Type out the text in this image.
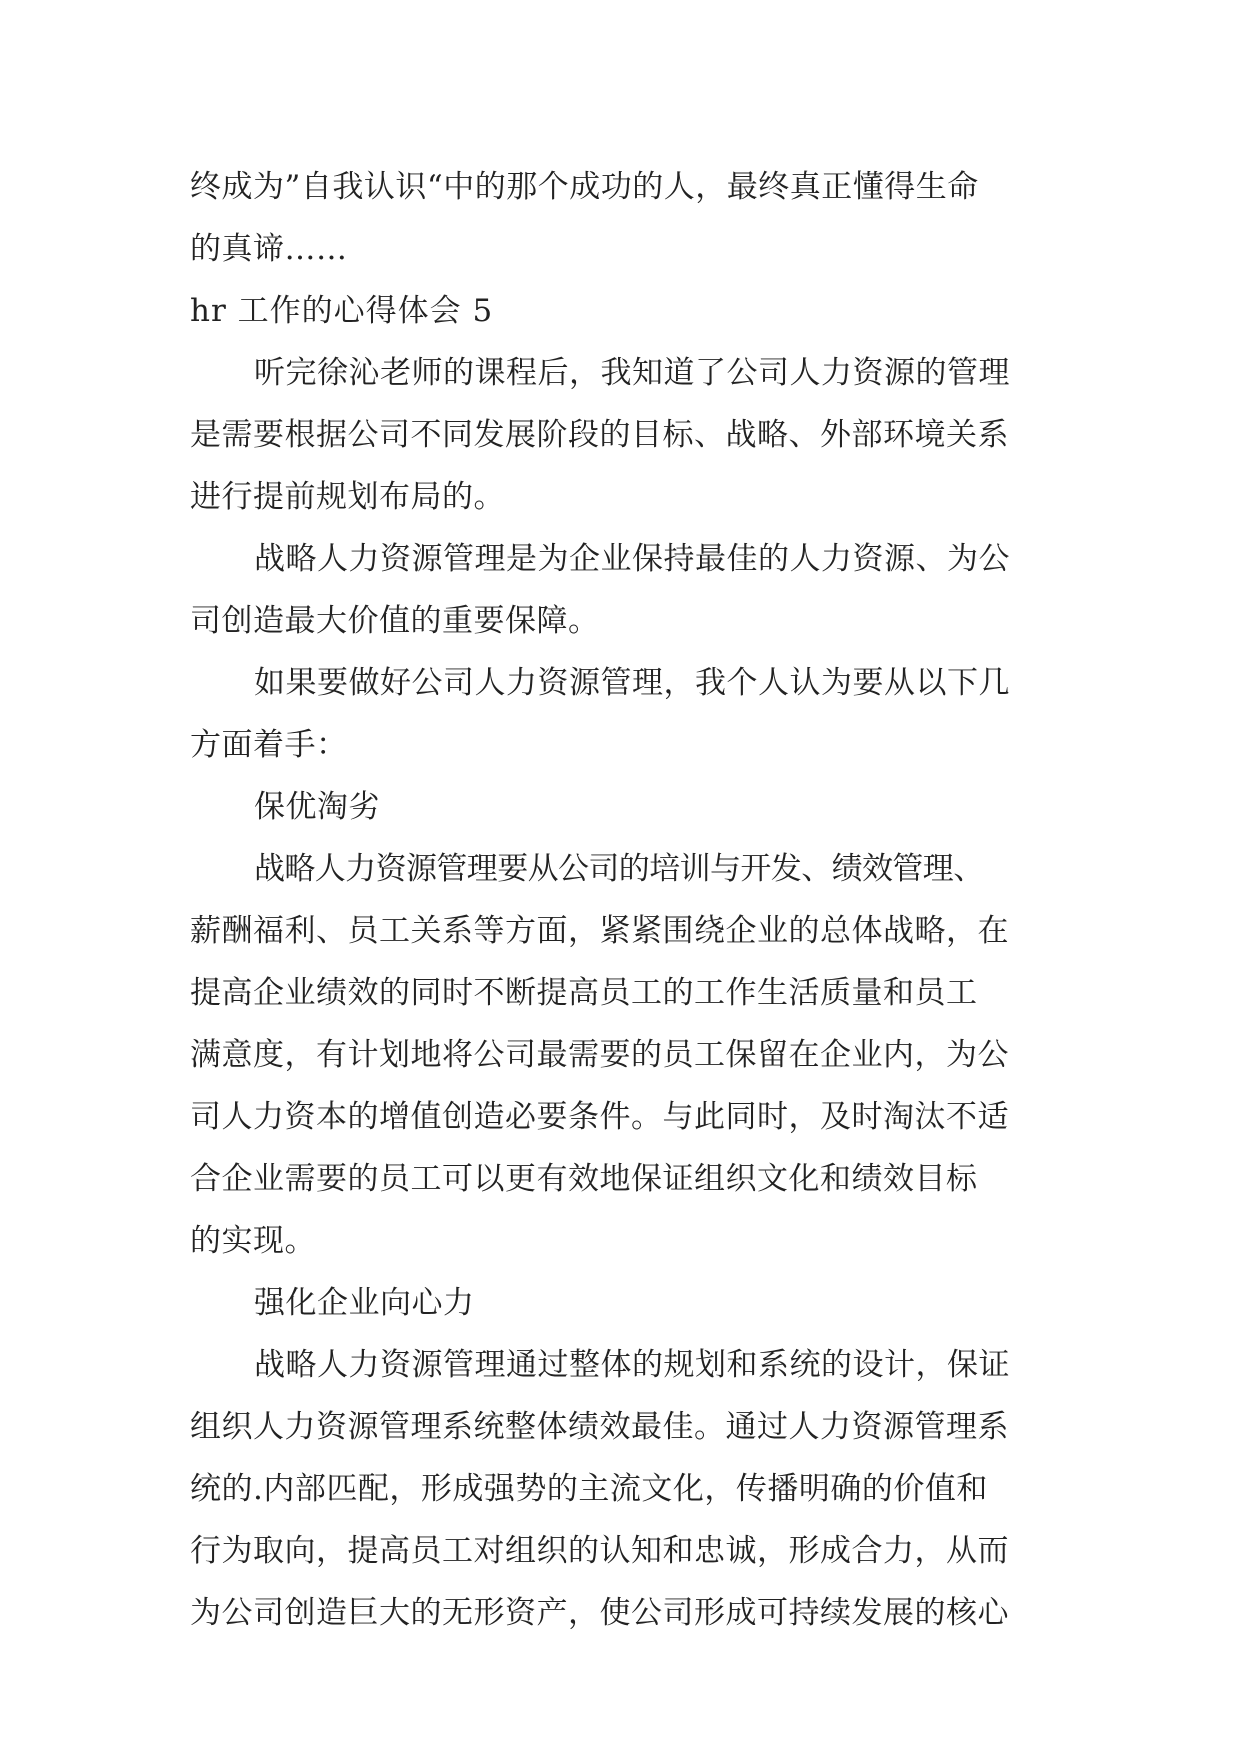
终成为”自我认识“中的那个成功的人，最终真正懂得生命
的真谛……
hr 工作的心得体会 5
听完徐沁老师的课程后，我知道了公司人力资源的管理
是需要根据公司不同发展阶段的目标、战略、外部环境关系
进行提前规划布局的。
战略人力资源管理是为企业保持最佳的人力资源、为公
司创造最大价值的重要保障。
如果要做好公司人力资源管理，我个人认为要从以下几
方面着手：
保优淘劣
战略人力资源管理要从公司的培训与开发、绩效管理、
薪酬福利、员工关系等方面，紧紧围绕企业的总体战略，在
提高企业绩效的同时不断提高员工的工作生活质量和员工
满意度，有计划地将公司最需要的员工保留在企业内，为公
司人力资本的增值创造必要条件。与此同时，及时淘汰不适
合企业需要的员工可以更有效地保证组织文化和绩效目标
的实现。
强化企业向心力
战略人力资源管理通过整体的规划和系统的设计，保证
组织人力资源管理系统整体绩效最佳。通过人力资源管理系
统的.内部匹配，形成强势的主流文化，传播明确的价值和
行为取向，提高员工对组织的认知和忠诚，形成合力，从而
为公司创造巨大的无形资产，使公司形成可持续发展的核心
